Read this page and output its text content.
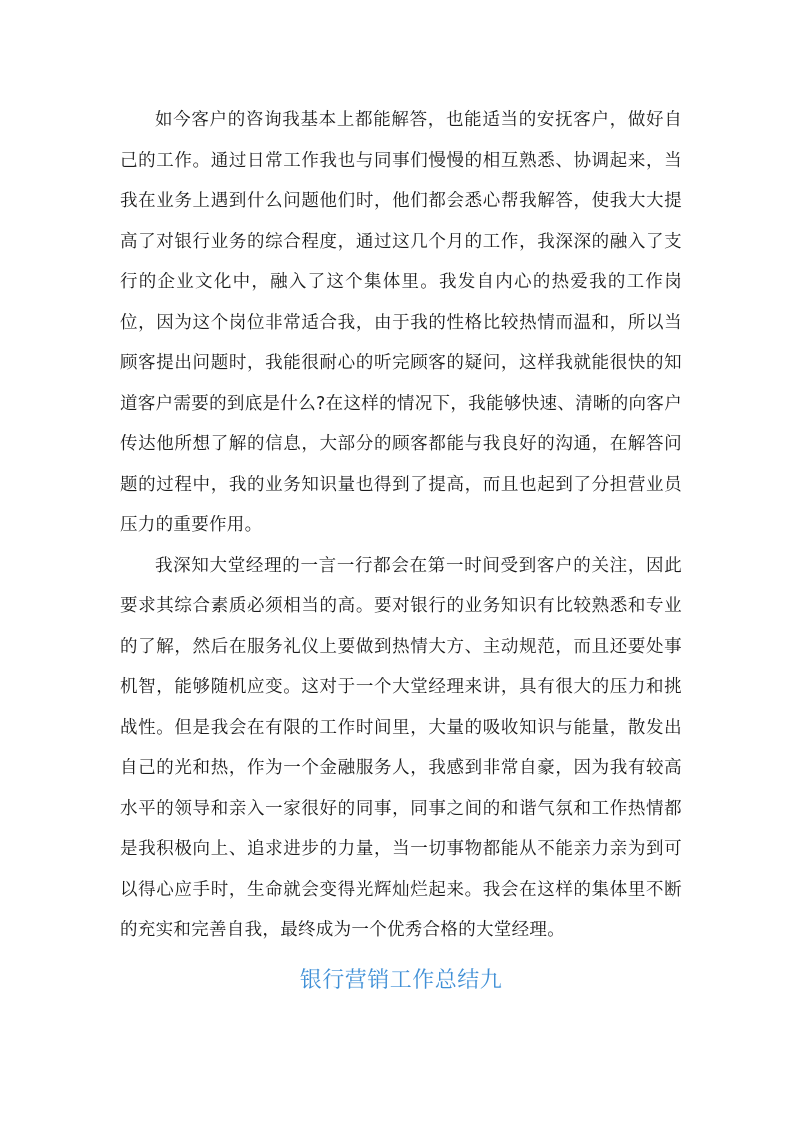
如今客户的咨询我基本上都能解答，也能适当的安抚客户，做好自己的工作。通过日常工作我也与同事们慢慢的相互熟悉、协调起来，当我在业务上遇到什么问题他们时，他们都会悉心帮我解答，使我大大提高了对银行业务的综合程度，通过这几个月的工作，我深深的融入了支行的企业文化中，融入了这个集体里。我发自内心的热爱我的工作岗位，因为这个岗位非常适合我，由于我的性格比较热情而温和，所以当顾客提出问题时，我能很耐心的听完顾客的疑问，这样我就能很快的知道客户需要的到底是什么?在这样的情况下，我能够快速、清晰的向客户传达他所想了解的信息，大部分的顾客都能与我良好的沟通，在解答问题的过程中，我的业务知识量也得到了提高，而且也起到了分担营业员压力的重要作用。

我深知大堂经理的一言一行都会在第一时间受到客户的关注，因此要求其综合素质必须相当的高。要对银行的业务知识有比较熟悉和专业的了解，然后在服务礼仪上要做到热情大方、主动规范，而且还要处事机智，能够随机应变。这对于一个大堂经理来讲，具有很大的压力和挑战性。但是我会在有限的工作时间里，大量的吸收知识与能量，散发出自己的光和热，作为一个金融服务人，我感到非常自豪，因为我有较高水平的领导和亲入一家很好的同事，同事之间的和谐气氛和工作热情都是我积极向上、追求进步的力量，当一切事物都能从不能亲力亲为到可以得心应手时，生命就会变得光辉灿烂起来。我会在这样的集体里不断的充实和完善自我，最终成为一个优秀合格的大堂经理。

银行营销工作总结九
